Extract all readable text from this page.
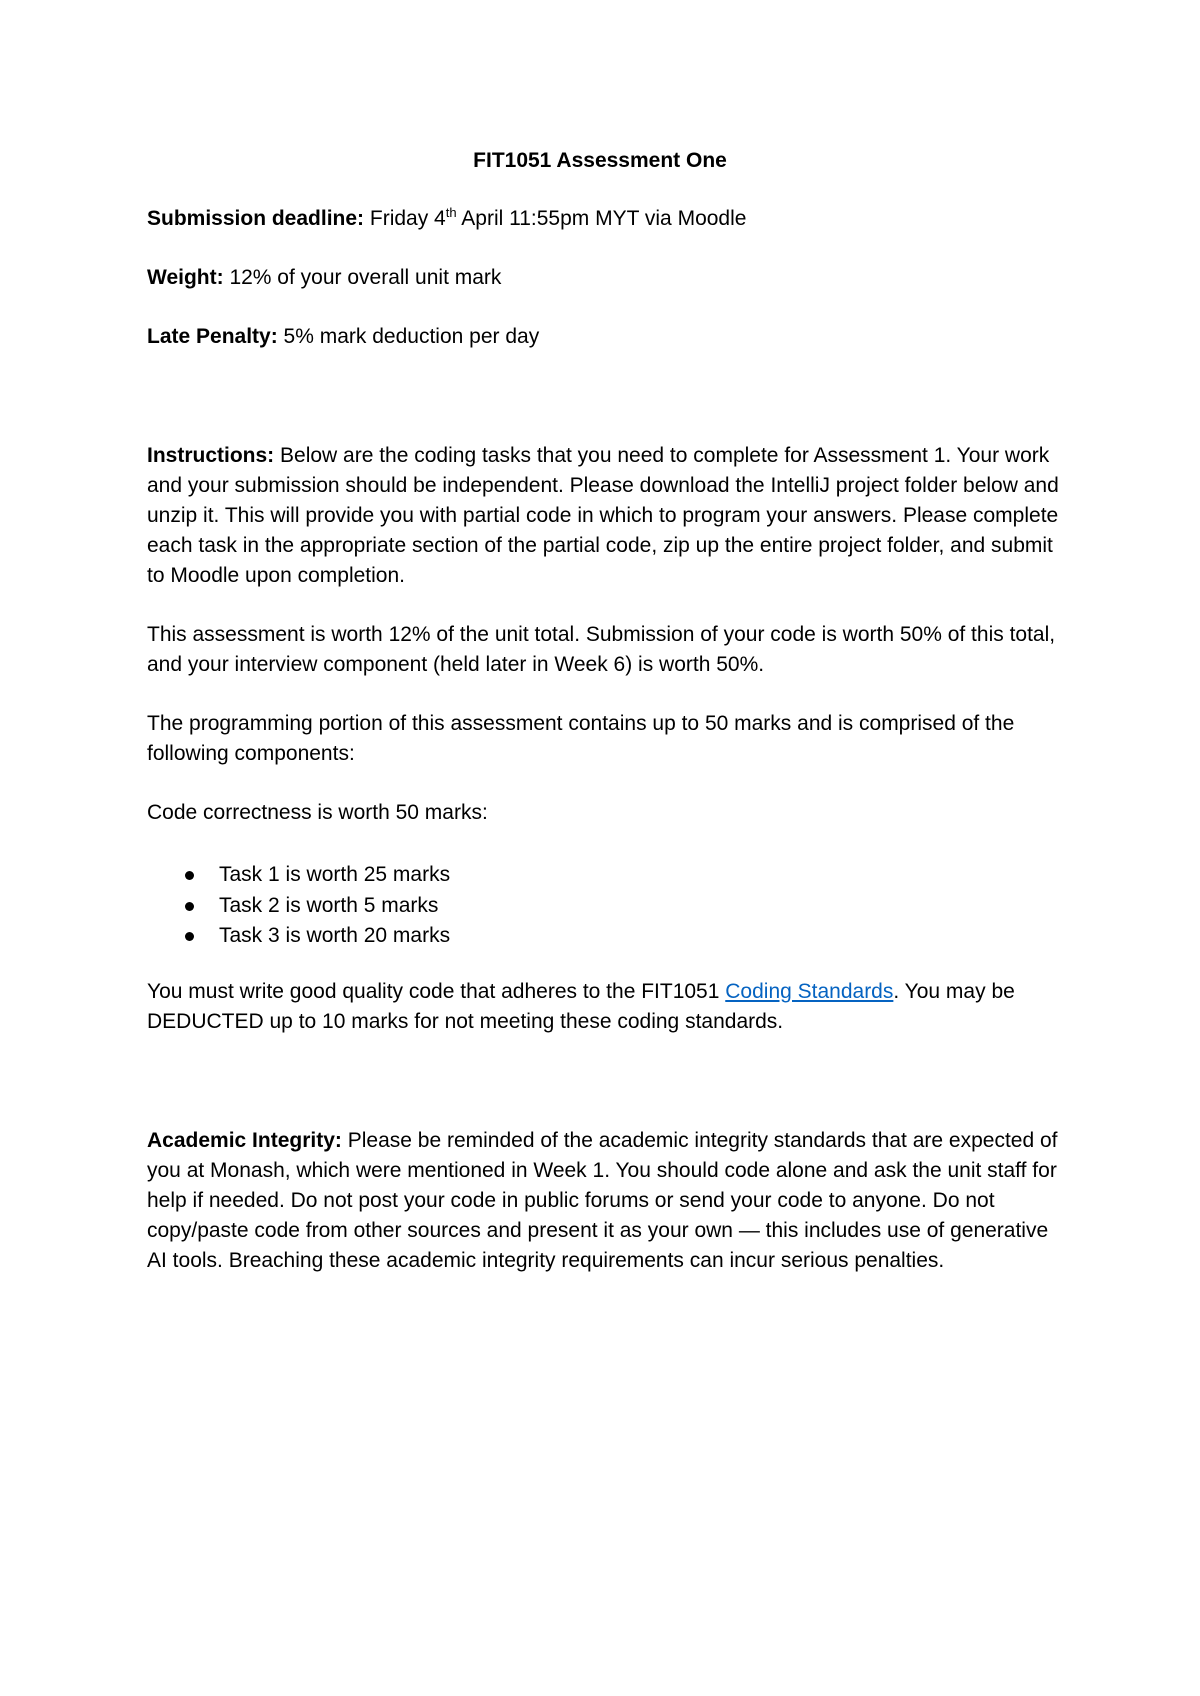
FIT1051 Assessment One

Submission deadline: Friday 4th April 11:55pm MYT via Moodle

Weight: 12% of your overall unit mark

Late Penalty: 5% mark deduction per day

Instructions: Below are the coding tasks that you need to complete for Assessment 1. Your work and your submission should be independent. Please download the IntelliJ project folder below and unzip it. This will provide you with partial code in which to program your answers. Please complete each task in the appropriate section of the partial code, zip up the entire project folder, and submit to Moodle upon completion.

This assessment is worth 12% of the unit total. Submission of your code is worth 50% of this total, and your interview component (held later in Week 6) is worth 50%.

The programming portion of this assessment contains up to 50 marks and is comprised of the following components:

Code correctness is worth 50 marks:

Task 1 is worth 25 marks
Task 2 is worth 5 marks
Task 3 is worth 20 marks

You must write good quality code that adheres to the FIT1051 Coding Standards. You may be DEDUCTED up to 10 marks for not meeting these coding standards.

Academic Integrity: Please be reminded of the academic integrity standards that are expected of you at Monash, which were mentioned in Week 1. You should code alone and ask the unit staff for help if needed. Do not post your code in public forums or send your code to anyone. Do not copy/paste code from other sources and present it as your own — this includes use of generative AI tools. Breaching these academic integrity requirements can incur serious penalties.
